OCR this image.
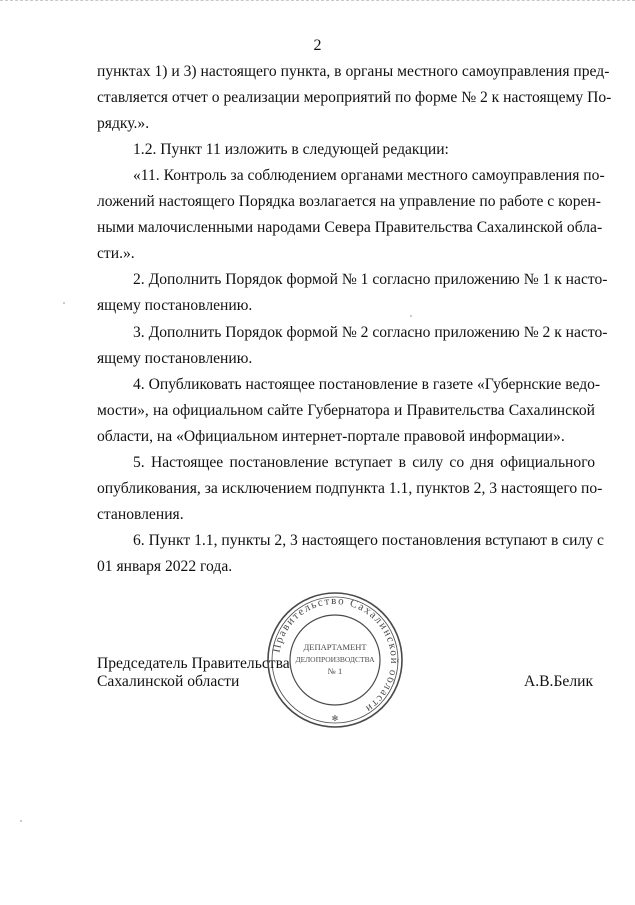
2
пунктах 1) и 3) настоящего пункта, в органы местного самоуправления пред-
ставляется отчет о реализации мероприятий по форме № 2 к настоящему По-
рядку.».
1.2. Пункт 11 изложить в следующей редакции:
«11. Контроль за соблюдением органами местного самоуправления по-
ложений настоящего Порядка возлагается на управление по работе с корен-
ными малочисленными народами Севера Правительства Сахалинской обла-
сти.».
2. Дополнить Порядок формой № 1 согласно приложению № 1 к насто-
ящему постановлению.
3. Дополнить Порядок формой № 2 согласно приложению № 2 к насто-
ящему постановлению.
4. Опубликовать настоящее постановление в газете «Губернские ведо-
мости», на официальном сайте Губернатора и Правительства Сахалинской
области, на «Официальном интернет-портале правовой информации».
5. Настоящее постановление вступает в силу со дня официального
опубликования, за исключением подпункта 1.1, пунктов 2, 3 настоящего по-
становления.
6. Пункт 1.1, пункты 2, 3 настоящего постановления вступают в силу с
01 января 2022 года.
Правительство Сахалинской области
ДЕПАРТАМЕНТ
ДЕЛОПРОИЗВОДСТВА
№ 1
✻
Председатель Правительства
Сахалинской области	А.В.Белик
